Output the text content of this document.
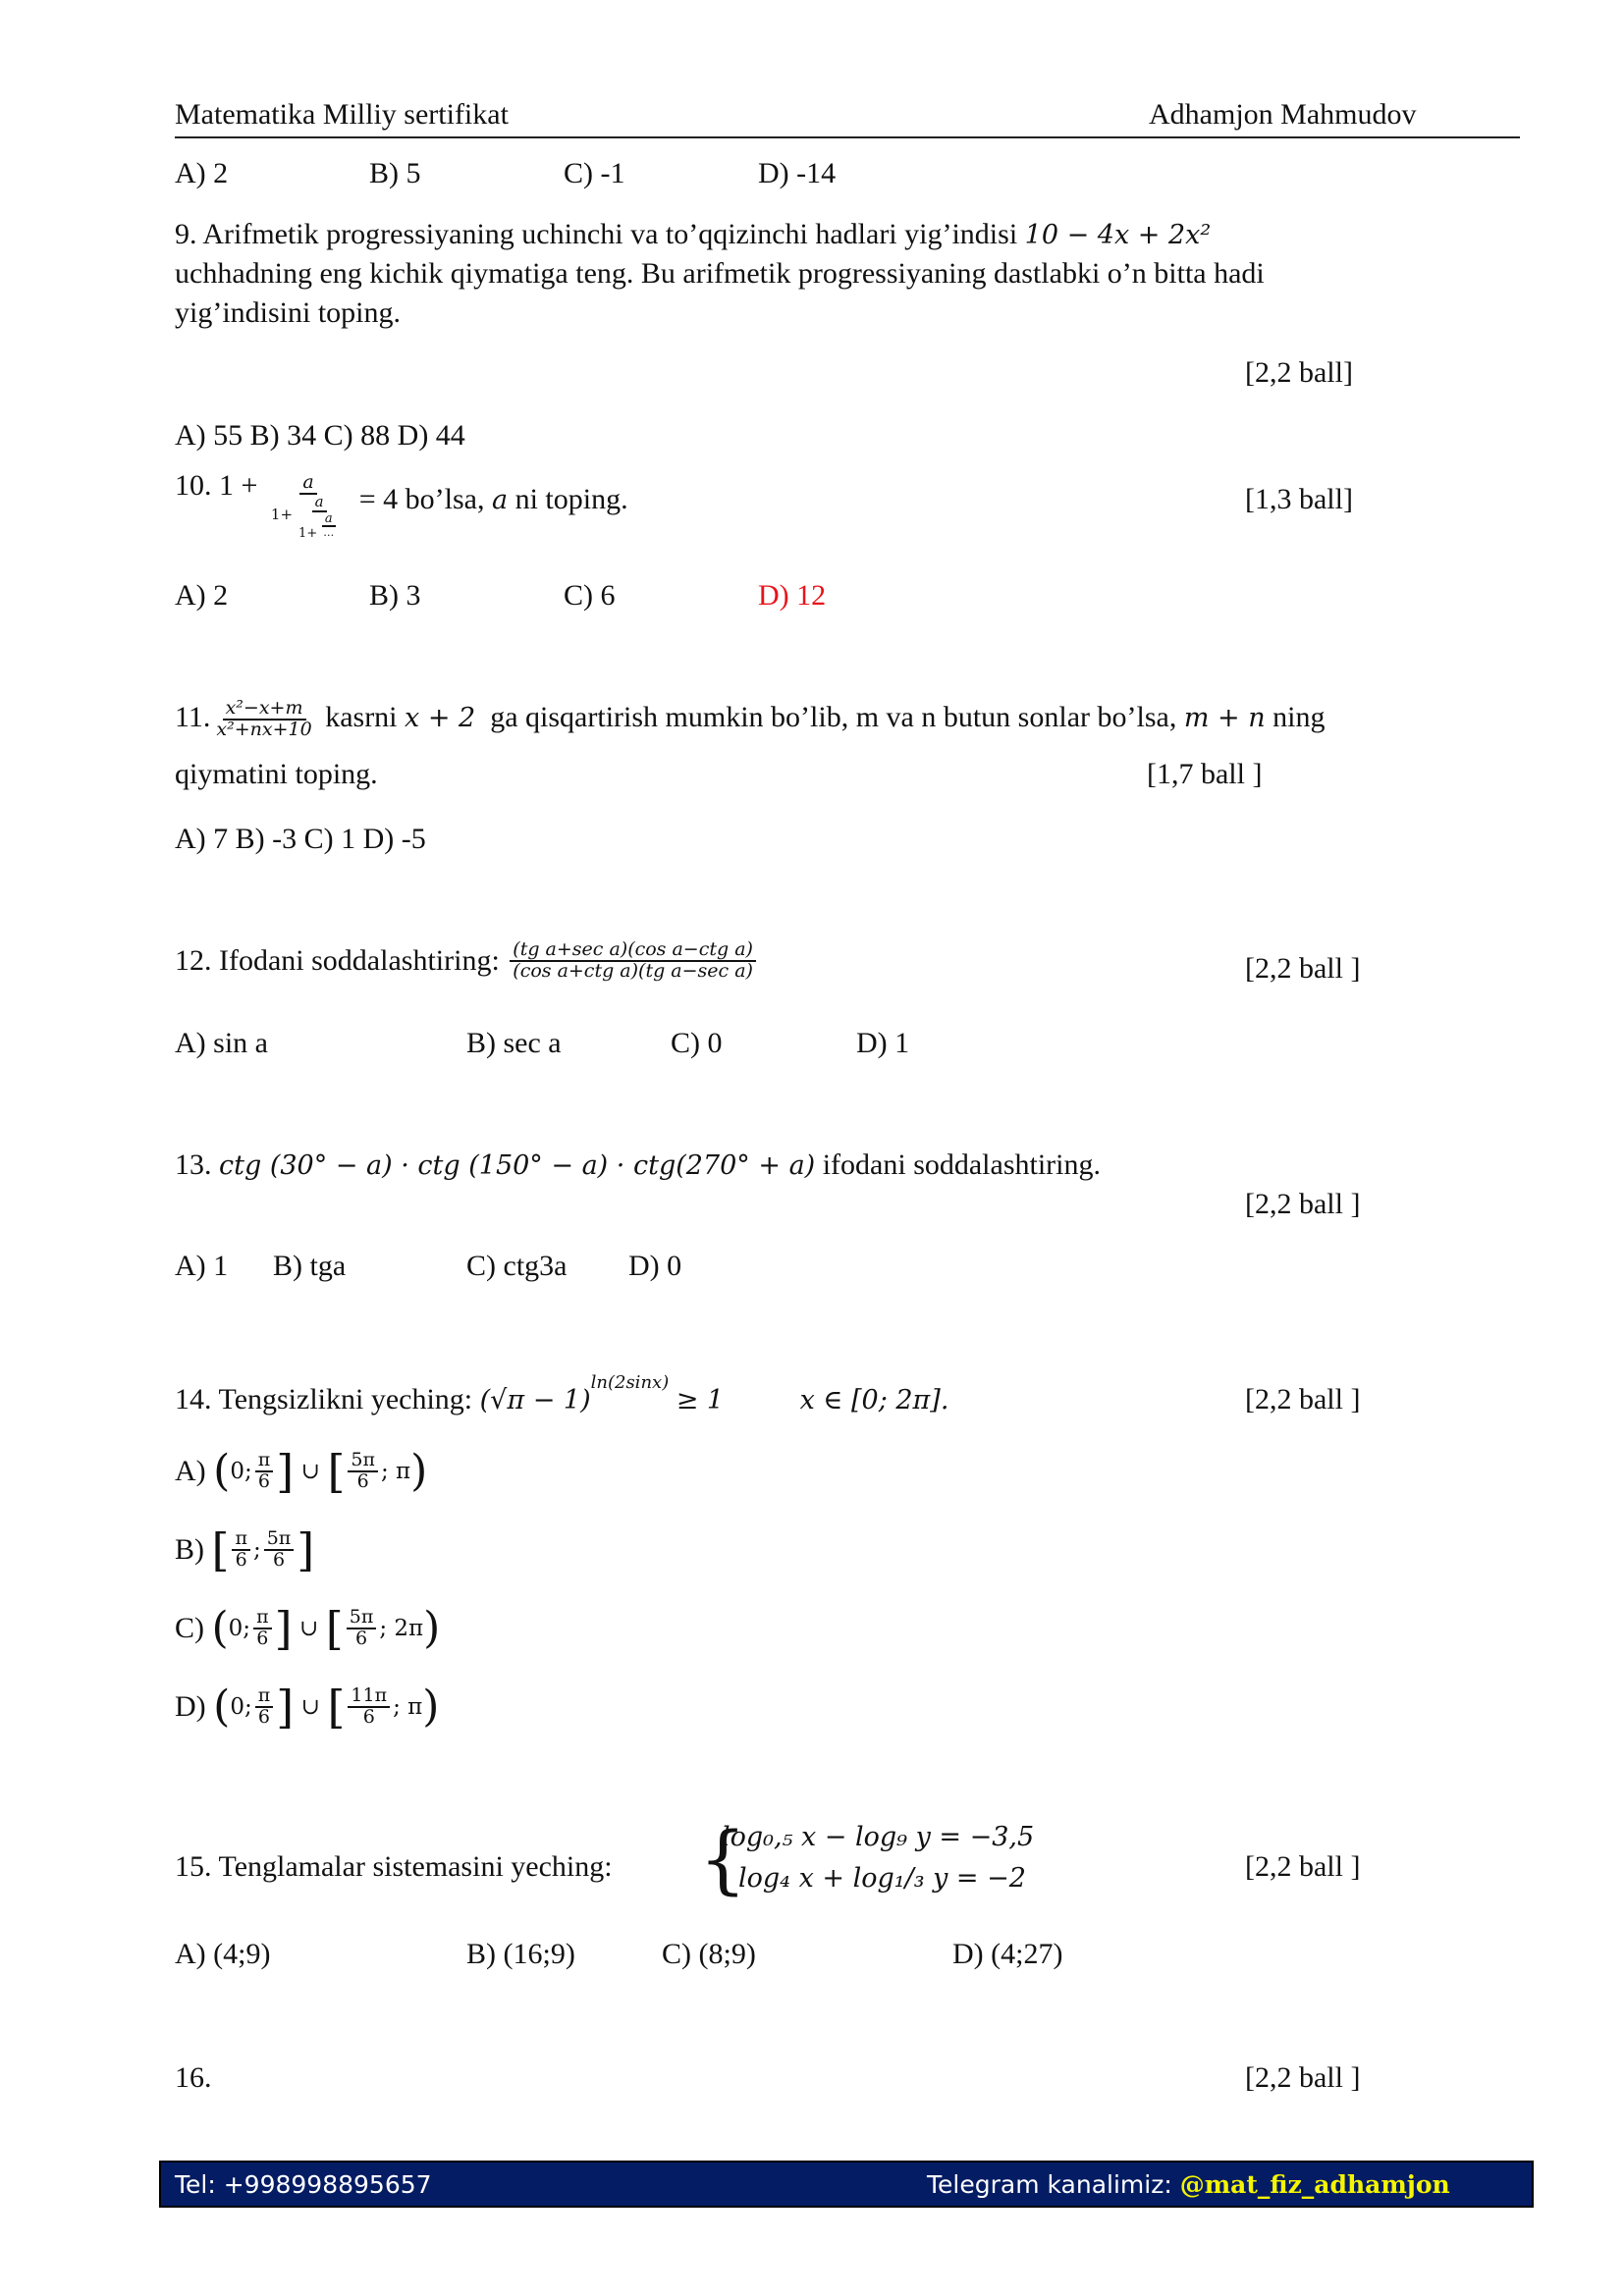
Matematika Milliy sertifikat	Adhamjon Mahmudov
A) 2	B) 5	C) -1	D) -14
9. Arifmetik progressiyaning uchinchi va to’qqizinchi hadlari yig’indisi 10 − 4x + 2x²
uchhadning eng kichik qiymatiga teng. Bu arifmetik progressiyaning dastlabki o’n bitta hadi
yig’indisini toping.
[2,2 ball]
A) 55 B) 34 C) 88 D) 44
10. $1 + \frac{a}{1+ \frac{a}{1+ \frac{a}{\dots}}} = 4$ bo’lsa, a ni toping.	[1,3 ball]
A) 2	B) 3	C) 6	D) 12
11. $\frac{\text{x²−x+m}}{\text{x²+nx+10}}$ kasrni x + 2 ga qisqartirish mumkin bo’lib, m va n butun sonlar bo’lsa, m + n ning
qiymatini toping.	[1,7 ball ]
A) 7 B) -3 C) 1 D) -5
12. Ifodani soddalashtiring: $\frac{\text{(tg a+sec a)(cos a−ctg a)}}{\text{(cos a+ctg a)(tg a−sec a)}}$	[2,2 ball ]
A) sin a	B) sec a	C) 0	D) 1
13. ctg (30° − a) · ctg (150° − a) · ctg(270° + a) ifodani soddalashtiring.
[2,2 ball ]
A) 1 B) tga	C) ctg3a D) 0
14. Tengsizlikni yeching: $(√\pi - 1)^{ln(2sinx)} \ge 1$	x ∈ [0; 2π].	[2,2 ball ]
A) (0; $\frac{\pi}{6}$ ] ∪ [ $\frac{5\pi}{6}$ ; π)
B) [ $\frac{\pi}{6}$ ; $\frac{5\pi}{6}$ ]
C) (0; $\frac{\pi}{6}$ ] ∪ [ $\frac{5\pi}{6}$ ; 2π)
D) (0; $\frac{\pi}{6}$ ] ∪ [ $\frac{11\pi}{6}$ ; π)
15. Tenglamalar sistemasini yeching: {
log₀,₅ x − log₉ y = −3,5
log₄ x + log₁/₃ y = −2	[2,2 ball ]
A) (4;9)	B) (16;9)	C) (8;9)	D) (4;27)
16.	[2,2 ball ]
Tel: +998998895657	Telegram kanalimiz: @mat_fiz_adhamjon
